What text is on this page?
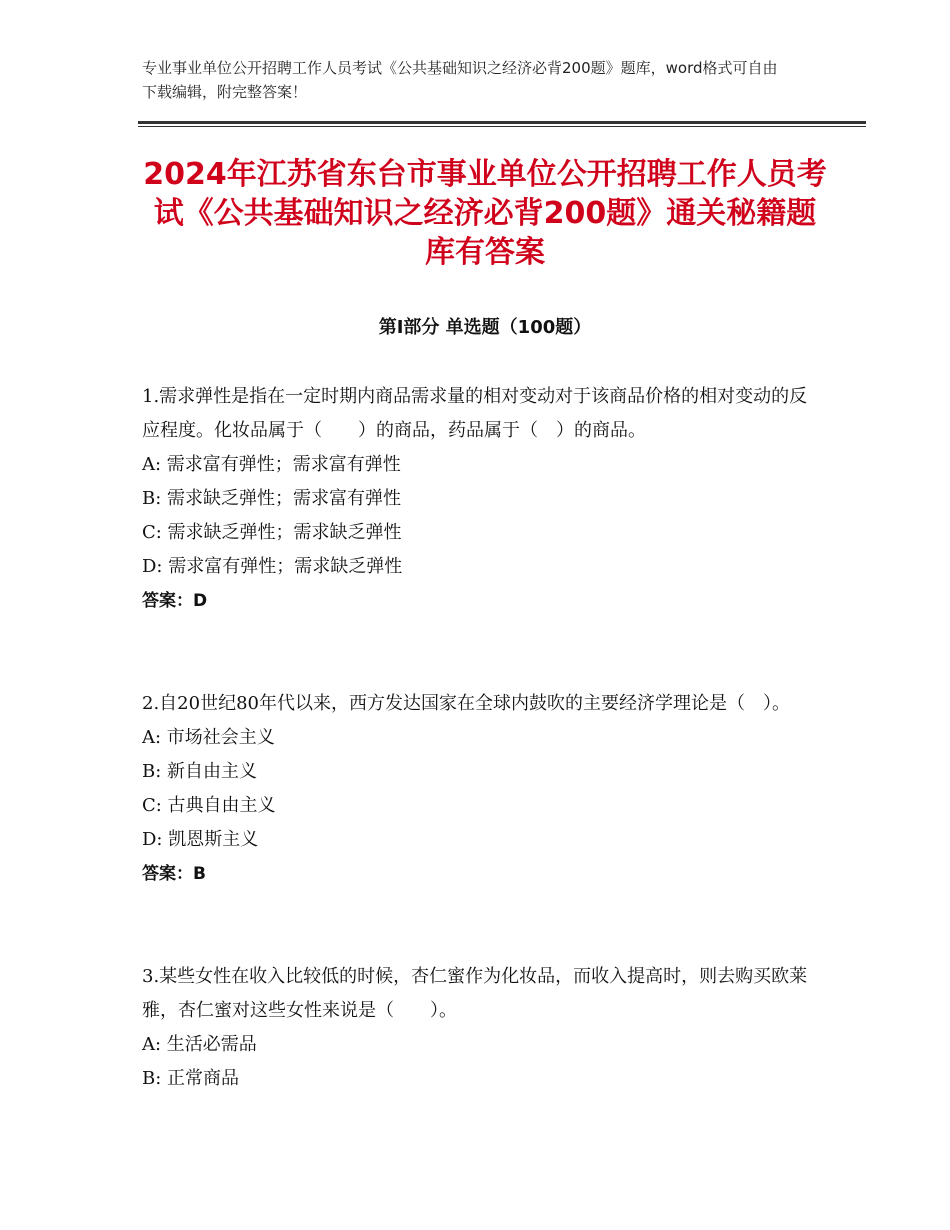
专业事业单位公开招聘工作人员考试《公共基础知识之经济必背200题》题库，word格式可自由下载编辑，附完整答案！
2024年江苏省东台市事业单位公开招聘工作人员考试《公共基础知识之经济必背200题》通关秘籍题库有答案
第Ⅰ部分 单选题（100题）
1.需求弹性是指在一定时期内商品需求量的相对变动对于该商品价格的相对变动的反应程度。化妆品属于（　　）的商品，药品属于（　）的商品。
A: 需求富有弹性；需求富有弹性
B: 需求缺乏弹性；需求富有弹性
C: 需求缺乏弹性；需求缺乏弹性
D: 需求富有弹性；需求缺乏弹性
答案：D
2.自20世纪80年代以来，西方发达国家在全球内鼓吹的主要经济学理论是（　）。
A: 市场社会主义
B: 新自由主义
C: 古典自由主义
D: 凯恩斯主义
答案：B
3.某些女性在收入比较低的时候，杏仁蜜作为化妆品，而收入提高时，则去购买欧莱雅，杏仁蜜对这些女性来说是（　　）。
A: 生活必需品
B: 正常商品
